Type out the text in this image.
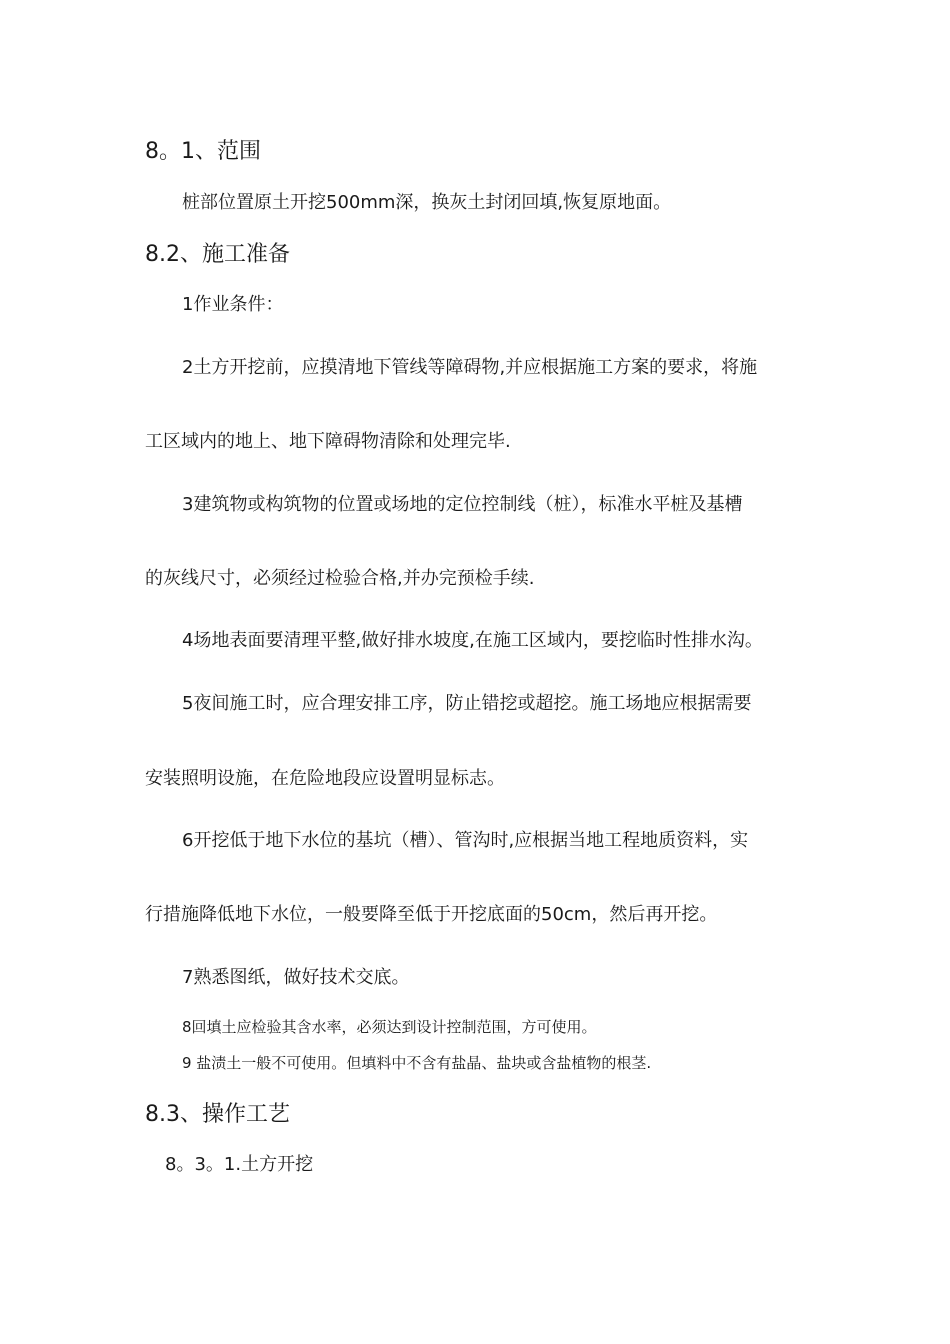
8。1、范围
桩部位置原土开挖500mm深，换灰土封闭回填,恢复原地面。
8.2、施工准备
1作业条件：
2土方开挖前，应摸清地下管线等障碍物,并应根据施工方案的要求，将施
工区域内的地上、地下障碍物清除和处理完毕.
3建筑物或构筑物的位置或场地的定位控制线（桩），标准水平桩及基槽
的灰线尺寸，必须经过检验合格,并办完预检手续.
4场地表面要清理平整,做好排水坡度,在施工区域内，要挖临时性排水沟。
5夜间施工时，应合理安排工序，防止错挖或超挖。施工场地应根据需要
安装照明设施，在危险地段应设置明显标志。
6开挖低于地下水位的基坑（槽）、管沟时,应根据当地工程地质资料，实
行措施降低地下水位，一般要降至低于开挖底面的50cm，然后再开挖。
7熟悉图纸，做好技术交底。
8回填土应检验其含水率，必须达到设计控制范围，方可使用。
9 盐渍土一般不可使用。但填料中不含有盐晶、盐块或含盐植物的根茎.
8.3、操作工艺
8。3。1.土方开挖
